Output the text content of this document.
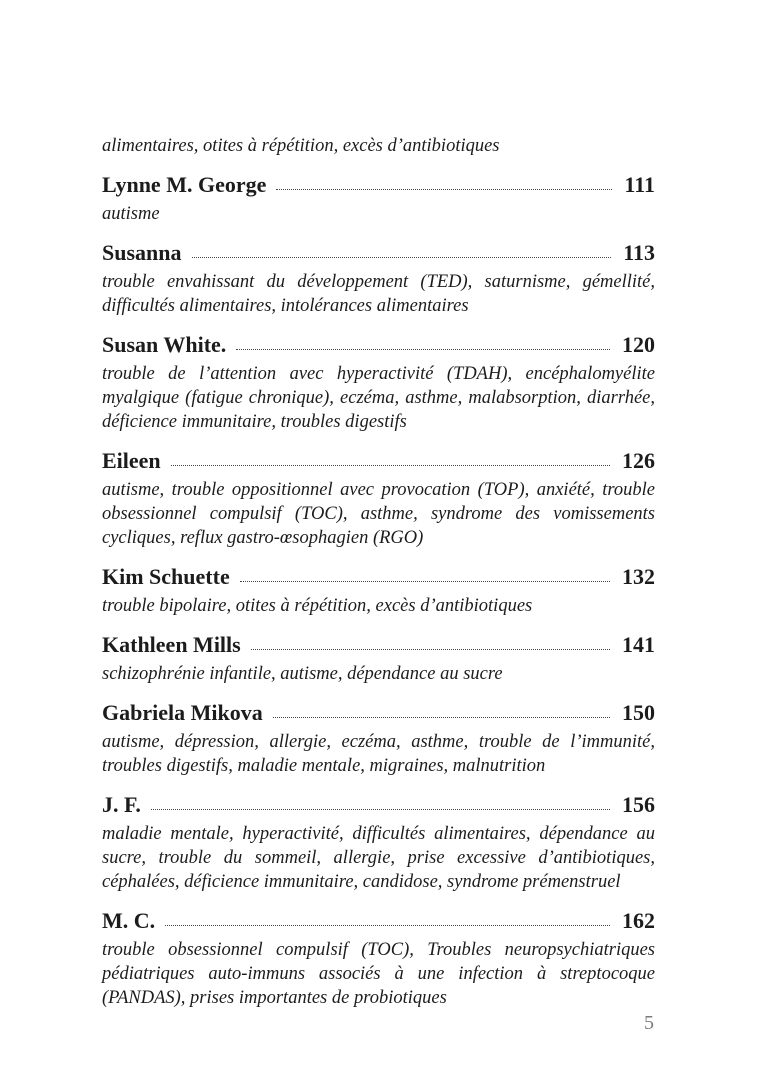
alimentaires, otites à répétition, excès d’antibiotiques

Lynne M. George	111

autisme

Susanna	113

trouble envahissant du développement (TED), saturnisme, gémellité, difficultés alimentaires, intolérances alimentaires

Susan White.	120

trouble de l’attention avec hyperactivité (TDAH), encéphalomyélite myalgique (fatigue chronique), eczéma, asthme, malabsorption, diarrhée, déficience immunitaire, troubles digestifs

Eileen	126

autisme, trouble oppositionnel avec provocation (TOP), anxiété, trouble obsessionnel compulsif (TOC), asthme, syndrome des vomissements cycliques, reflux gastro-œsophagien (RGO)

Kim Schuette	132

trouble bipolaire, otites à répétition, excès d’antibiotiques

Kathleen Mills	141

schizophrénie infantile, autisme, dépendance au sucre

Gabriela Mikova	150

autisme, dépression, allergie, eczéma, asthme, trouble de l’immunité, troubles digestifs, maladie mentale, migraines, malnutrition

J. F.	156

maladie mentale, hyperactivité, difficultés alimentaires, dépendance au sucre, trouble du sommeil, allergie, prise excessive d’antibiotiques, céphalées, déficience immunitaire, candidose, syndrome prémenstruel

M. C.	162

trouble obsessionnel compulsif (TOC), Troubles neuropsychiatriques pédiatriques auto-immuns associés à une infection à streptocoque (PANDAS), prises importantes de probiotiques

5
